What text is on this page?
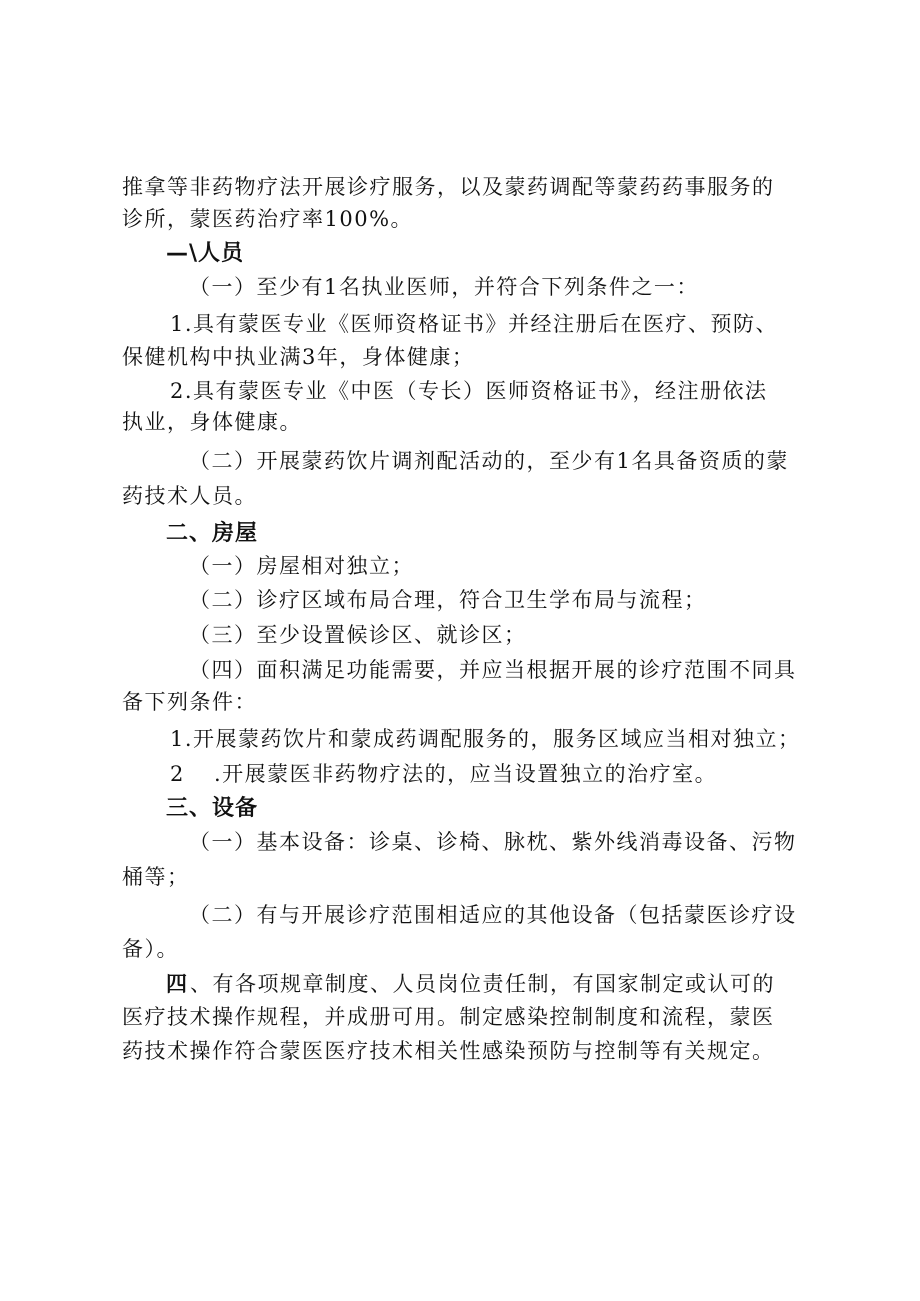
推拿等非药物疗法开展诊疗服务，以及蒙药调配等蒙药药事服务的
诊所，蒙医药治疗率100%。
—\人员
（一）至少有1名执业医师，并符合下列条件之一：
1.具有蒙医专业《医师资格证书》并经注册后在医疗、预防、
保健机构中执业满3年，身体健康；
2.具有蒙医专业《中医（专长）医师资格证书》，经注册依法
执业，身体健康。
（二）开展蒙药饮片调剂配活动的，至少有1名具备资质的蒙
药技术人员。
二、房屋
（一）房屋相对独立；
（二）诊疗区域布局合理，符合卫生学布局与流程；
（三）至少设置候诊区、就诊区；
（四）面积满足功能需要，并应当根据开展的诊疗范围不同具
备下列条件：
1.开展蒙药饮片和蒙成药调配服务的，服务区域应当相对独立；
2 .开展蒙医非药物疗法的，应当设置独立的治疗室。
三、设备
（一）基本设备：诊桌、诊椅、脉枕、紫外线消毒设备、污物
桶等；
（二）有与开展诊疗范围相适应的其他设备（包括蒙医诊疗设
备）。
四 、有各项规章制度、人员岗位责任制，有国家制定或认可的
医疗技术操作规程，并成册可用。制定感染控制制度和流程，蒙医
药技术操作符合蒙医医疗技术相关性感染预防与控制等有关规定。
